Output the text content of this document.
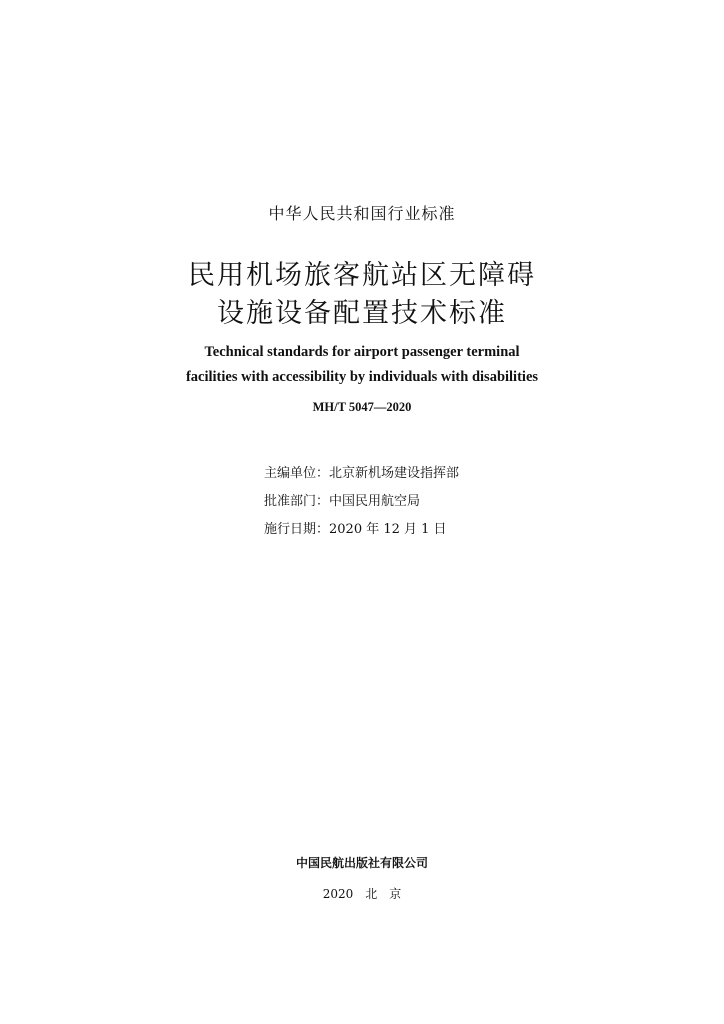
中华人民共和国行业标准
民用机场旅客航站区无障碍
设施设备配置技术标准
Technical standards for airport passenger terminal
facilities with accessibility by individuals with disabilities
MH/T 5047—2020
主编单位：北京新机场建设指挥部
批准部门：中国民用航空局
施行日期：2020 年 12 月 1 日
中国民航出版社有限公司
2020　北　京
